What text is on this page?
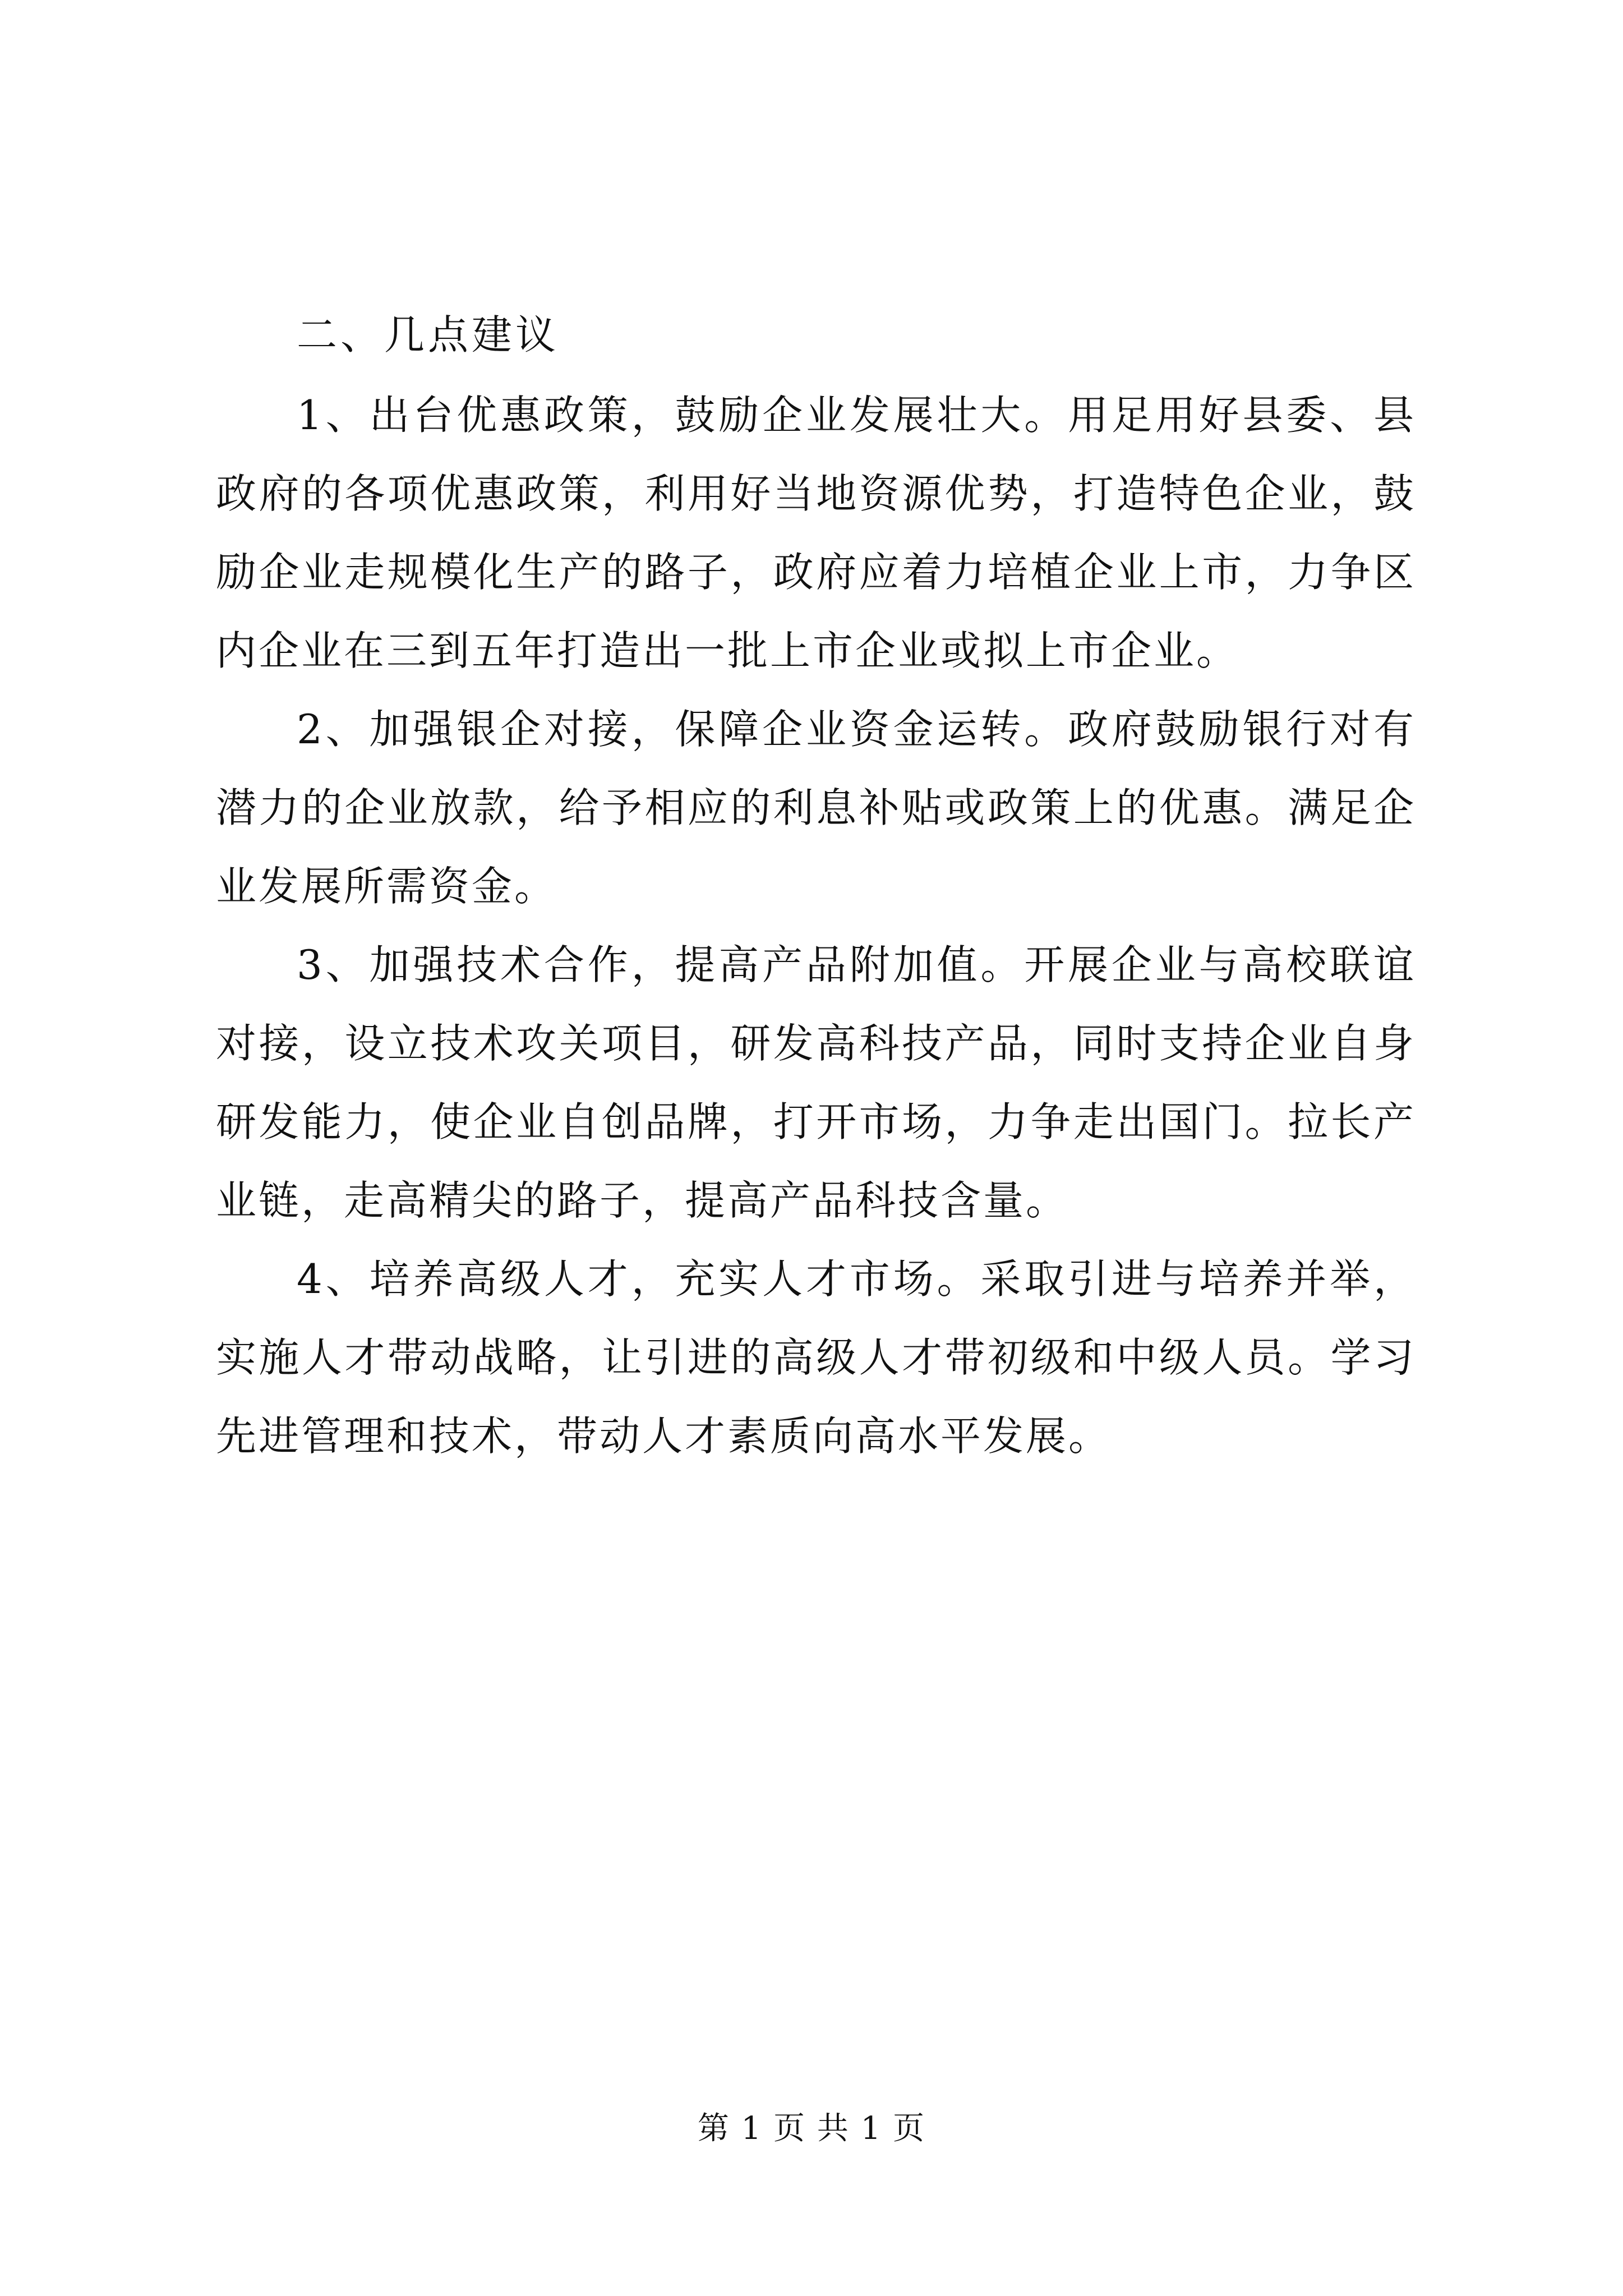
二、几点建议

1、出台优惠政策，鼓励企业发展壮大。用足用好县委、县政府的各项优惠政策，利用好当地资源优势，打造特色企业，鼓励企业走规模化生产的路子，政府应着力培植企业上市，力争区内企业在三到五年打造出一批上市企业或拟上市企业。

2、加强银企对接，保障企业资金运转。政府鼓励银行对有潜力的企业放款，给予相应的利息补贴或政策上的优惠。满足企业发展所需资金。

3、加强技术合作，提高产品附加值。开展企业与高校联谊对接，设立技术攻关项目，研发高科技产品，同时支持企业自身研发能力，使企业自创品牌，打开市场，力争走出国门。拉长产业链，走高精尖的路子，提高产品科技含量。

4、培养高级人才，充实人才市场。采取引进与培养并举，实施人才带动战略，让引进的高级人才带初级和中级人员。学习先进管理和技术，带动人才素质向高水平发展。

第 1 页 共 1 页
